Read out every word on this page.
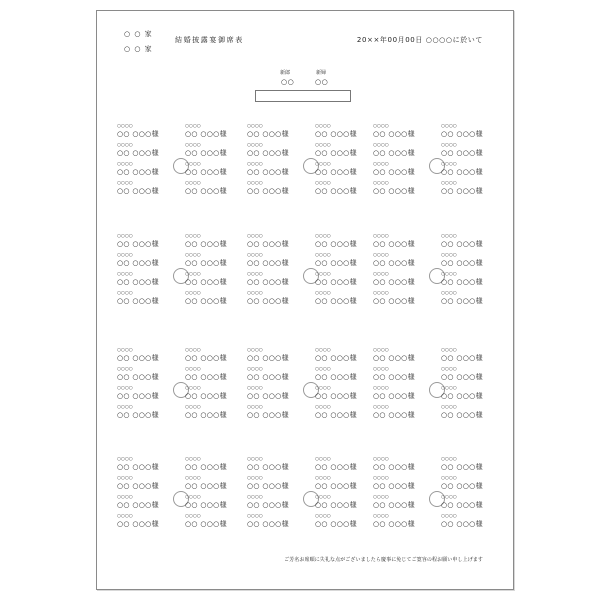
○ ○ 家
○ ○ 家
結婚披露宴御席表	20××年00月00日 ○○○○に於いて
新郎	新婦
○○	○○
○○○○
○○ ○○○様
○○○○
○○ ○○○様
○○○○
○○ ○○○様
○○○○
○○ ○○○様
○○○○
○○ ○○○様
○○○○
○○ ○○○様
○○○○
○○ ○○○様
○○○○
○○ ○○○様
○○○○
○○ ○○○様
○○○○
○○ ○○○様
○○○○
○○ ○○○様
○○○○
○○ ○○○様
○○○○
○○ ○○○様
○○○○
○○ ○○○様
○○○○
○○ ○○○様
○○○○
○○ ○○○様
○○○○
○○ ○○○様
○○○○
○○ ○○○様
○○○○
○○ ○○○様
○○○○
○○ ○○○様
○○○○
○○ ○○○様
○○○○
○○ ○○○様
○○○○
○○ ○○○様
○○○○
○○ ○○○様
○○○○
○○ ○○○様
○○○○
○○ ○○○様
○○○○
○○ ○○○様
○○○○
○○ ○○○様
○○○○
○○ ○○○様
○○○○
○○ ○○○様
○○○○
○○ ○○○様
○○○○
○○ ○○○様
○○○○
○○ ○○○様
○○○○
○○ ○○○様
○○○○
○○ ○○○様
○○○○
○○ ○○○様
○○○○
○○ ○○○様
○○○○
○○ ○○○様
○○○○
○○ ○○○様
○○○○
○○ ○○○様
○○○○
○○ ○○○様
○○○○
○○ ○○○様
○○○○
○○ ○○○様
○○○○
○○ ○○○様
○○○○
○○ ○○○様
○○○○
○○ ○○○様
○○○○
○○ ○○○様
○○○○
○○ ○○○様
○○○○
○○ ○○○様
○○○○
○○ ○○○様
○○○○
○○ ○○○様
○○○○
○○ ○○○様
○○○○
○○ ○○○様
○○○○
○○ ○○○様
○○○○
○○ ○○○様
○○○○
○○ ○○○様
○○○○
○○ ○○○様
○○○○
○○ ○○○様
○○○○
○○ ○○○様
○○○○
○○ ○○○様
○○○○
○○ ○○○様
○○○○
○○ ○○○様
○○○○
○○ ○○○様
○○○○
○○ ○○○様
○○○○
○○ ○○○様
○○○○
○○ ○○○様
○○○○
○○ ○○○様
○○○○
○○ ○○○様
○○○○
○○ ○○○様
○○○○
○○ ○○○様
○○○○
○○ ○○○様
○○○○
○○ ○○○様
○○○○
○○ ○○○様
○○○○
○○ ○○○様
○○○○
○○ ○○○様
○○○○
○○ ○○○様
○○○○
○○ ○○○様
○○○○
○○ ○○○様
○○○○
○○ ○○○様
○○○○
○○ ○○○様
○○○○
○○ ○○○様
○○○○
○○ ○○○様
○○○○
○○ ○○○様
○○○○
○○ ○○○様
○○○○
○○ ○○○様
○○○○
○○ ○○○様
○○○○
○○ ○○○様
○○○○
○○ ○○○様
○○○○
○○ ○○○様
○○○○
○○ ○○○様
○○○○
○○ ○○○様
○○○○
○○ ○○○様
○○○○
○○ ○○○様
○○○○
○○ ○○○様
○○○○
○○ ○○○様
○○○○
○○ ○○○様
ご芳名お席順に失礼な点がございましたら慶事に免じてご寛容の程お願い申し上げます
